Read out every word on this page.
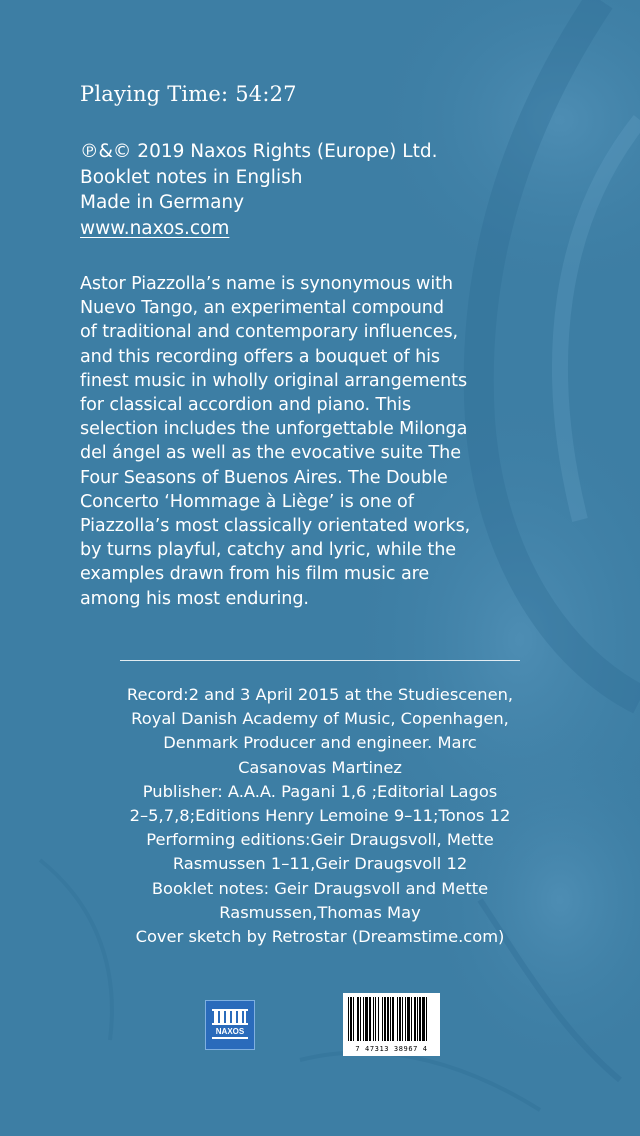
Playing Time: 54:27
℗&© 2019 Naxos Rights (Europe) Ltd.
Booklet notes in English
Made in Germany
www.naxos.com

Astor Piazzolla’s name is synonymous with

Nuevo Tango, an experimental compound

of traditional and contemporary influences,

and this recording offers a bouquet of his

finest music in wholly original arrangements

for classical accordion and piano. This

selection includes the unforgettable Milonga

del ángel as well as the evocative suite The

Four Seasons of Buenos Aires. The Double

Concerto ‘Hommage à Liège’ is one of

Piazzolla’s most classically orientated works,

by turns playful, catchy and lyric, while the

examples drawn from his film music are

among his most enduring.

Record:2 and 3 April 2015 at the Studiescenen,

Royal Danish Academy of Music, Copenhagen,

Denmark Producer and engineer. Marc

Casanovas Martinez

Publisher: A.A.A. Pagani 1,6 ;Editorial Lagos

2–5,7,8;Editions Henry Lemoine 9–11;Tonos 12

Performing editions:Geir Draugsvoll, Mette

Rasmussen 1–11,Geir Draugsvoll 12

Booklet notes: Geir Draugsvoll and Mette

Rasmussen,Thomas May

Cover sketch by Retrostar (Dreamstime.com)

NAXOS
7 47313 38967 4
